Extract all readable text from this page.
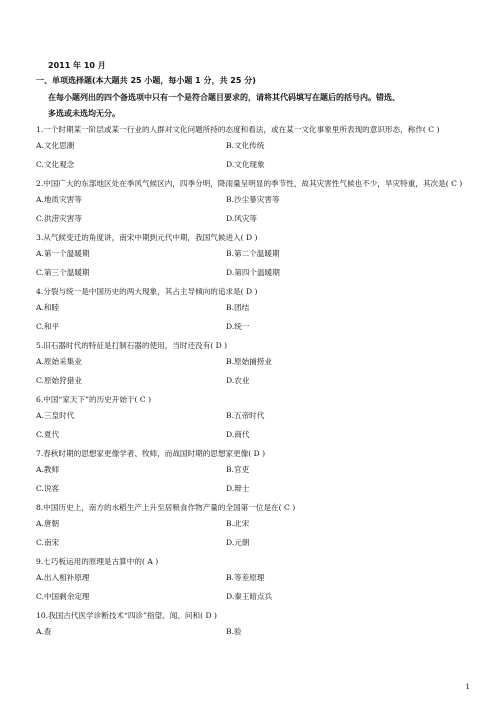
2011 年 10 月
一、单项选择题(本大题共 25 小题，每小题 1 分，共 25 分)
在每小题列出的四个备选项中只有一个是符合题目要求的，请将其代码填写在题后的括号内。错选、
多选或未选均无分。
1.一个时期某一阶层或某一行业的人群对文化问题所持的态度和看法，或在某一文化事象里所表现的意识形态，称作( C )
A.文化思潮	B.文化传统
C.文化观念	D.文化现象
2.中国广大的东部地区处在季风气候区内，四季分明，降雨量呈明显的季节性，故其灾害性气候也不少，旱灾特重，其次是( C )
A.地质灾害等	B.沙尘暴灾害等
C.洪涝灾害等	D.风灾等
3.从气候变迁的角度讲，南宋中期到元代中期，我国气候进入( D )
A.第一个温暖期	B.第二个温暖期
C.第三个温暖期	D.第四个温暖期
4.分裂与统一是中国历史的两大现象，其占主导倾向的追求是( D )
A.和睦	B.团结
C.和平	D.统一
5.旧石器时代的特征是打制石器的使用，当时还没有( D )
A.原始采集业	B.原始捕捞业
C.原始狩猎业	D.农业
6.中国“家天下”的历史开始于( C )
A.三皇时代	B.五帝时代
C.夏代	D.商代
7.春秋时期的思想家更像学者、牧师，而战国时期的思想家更像( D )
A.教师	B.官吏
C.说客	D.辩士
8.中国历史上，南方的水稻生产上升至居粮食作物产量的全国第一位是在( C )
A.唐朝	B.北宋
C.南宋	D.元朝
9.七巧板运用的原理是古算中的( A )
A.出入相补原理	B.等差原理
C.中国剩余定理	D.秦王暗点兵
10.我国古代医学诊断技术“四诊”指望、闻、问和( D )
A.查	B.验
1
